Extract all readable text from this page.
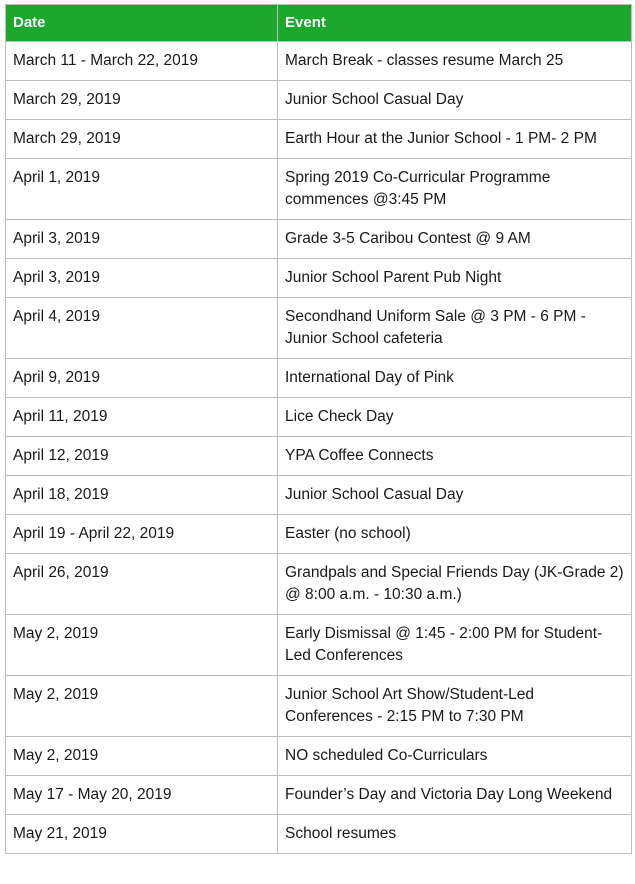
Date	Event
March 11 - March 22, 2019	March Break - classes resume March 25
March 29, 2019	Junior School Casual Day
March 29, 2019	Earth Hour at the Junior School - 1 PM- 2 PM
April 1, 2019	Spring 2019 Co-Curricular Programme commences @3:45 PM
April 3, 2019	Grade 3-5 Caribou Contest @ 9 AM
April 3, 2019	Junior School Parent Pub Night
April 4, 2019	Secondhand Uniform Sale @ 3 PM - 6 PM -Junior School cafeteria
April 9, 2019	International Day of Pink
April 11, 2019	Lice Check Day
April 12, 2019	YPA Coffee Connects
April 18, 2019	Junior School Casual Day
April 19 - April 22, 2019	Easter (no school)
April 26, 2019	Grandpals and Special Friends Day (JK-Grade 2) @ 8:00 a.m. - 10:30 a.m.)
May 2, 2019	Early Dismissal @ 1:45 - 2:00 PM for Student-Led Conferences
May 2, 2019	Junior School Art Show/Student-Led Conferences - 2:15 PM to 7:30 PM
May 2, 2019	NO scheduled Co-Curriculars
May 17 - May 20, 2019	Founder’s Day and Victoria Day Long Weekend
May 21, 2019	School resumes
